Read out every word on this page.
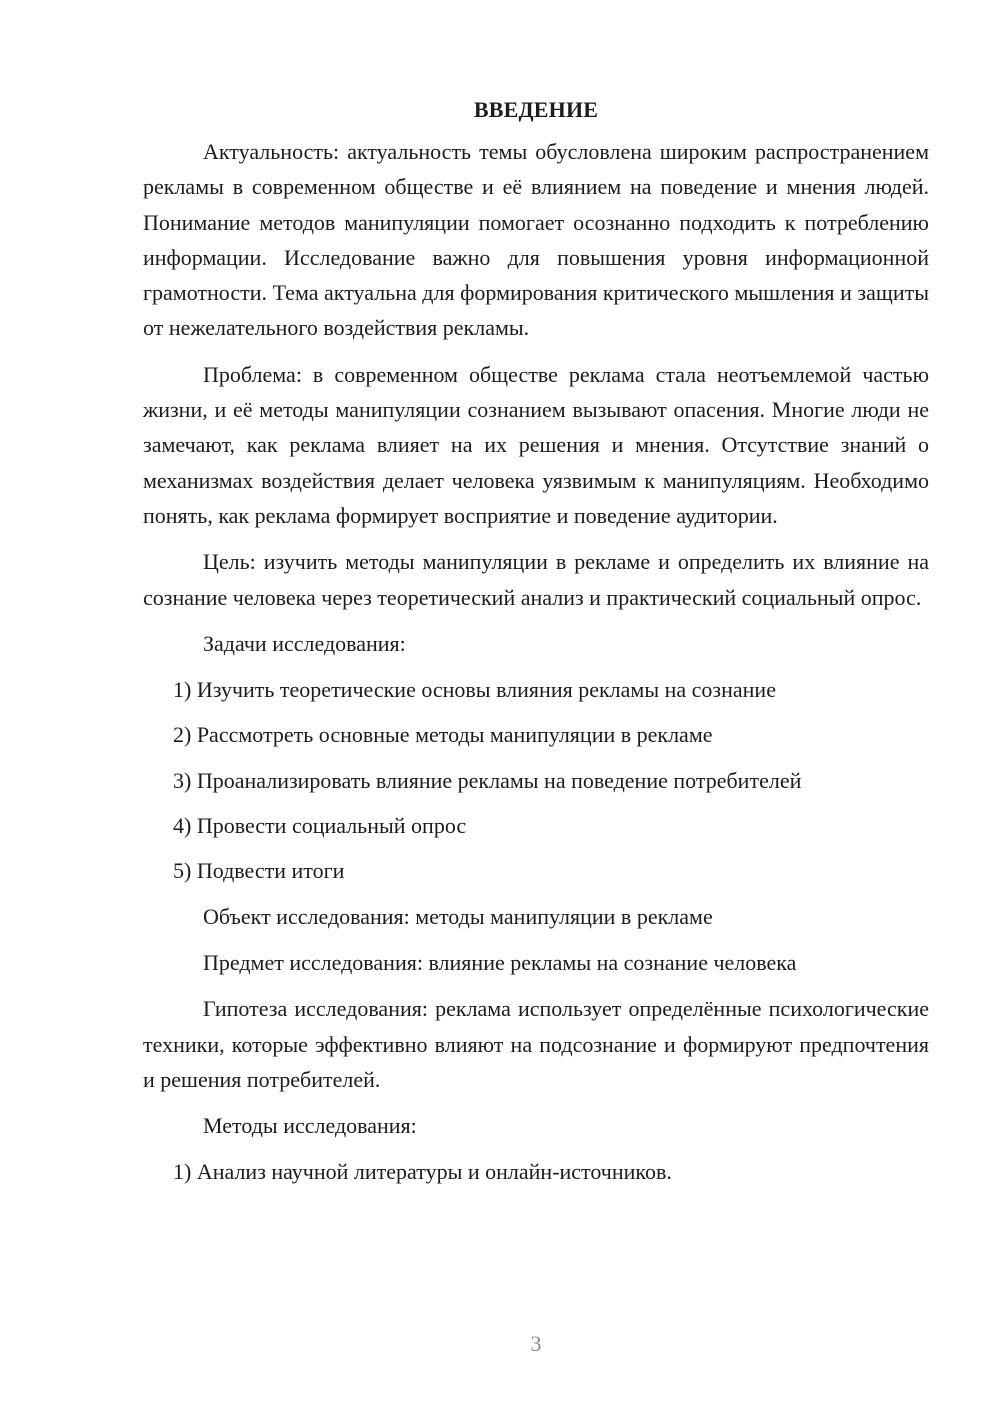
ВВЕДЕНИЕ

Актуальность: актуальность темы обусловлена широким распространением рекламы в современном обществе и её влиянием на поведение и мнения людей. Понимание методов манипуляции помогает осознанно подходить к потреблению информации. Исследование важно для повышения уровня информационной грамотности. Тема актуальна для формирования критического мышления и защиты от нежелательного воздействия рекламы.

Проблема: в современном обществе реклама стала неотъемлемой частью жизни, и её методы манипуляции сознанием вызывают опасения. Многие люди не замечают, как реклама влияет на их решения и мнения. Отсутствие знаний о механизмах воздействия делает человека уязвимым к манипуляциям. Необходимо понять, как реклама формирует восприятие и поведение аудитории.

Цель: изучить методы манипуляции в рекламе и определить их влияние на сознание человека через теоретический анализ и практический социальный опрос.

Задачи исследования:

1) Изучить теоретические основы влияния рекламы на сознание
2) Рассмотреть основные методы манипуляции в рекламе
3) Проанализировать влияние рекламы на поведение потребителей
4) Провести социальный опрос
5) Подвести итоги

Объект исследования: методы манипуляции в рекламе

Предмет исследования: влияние рекламы на сознание человека

Гипотеза исследования: реклама использует определённые психологические техники, которые эффективно влияют на подсознание и формируют предпочтения и решения потребителей.

Методы исследования:

1) Анализ научной литературы и онлайн-источников.
3
